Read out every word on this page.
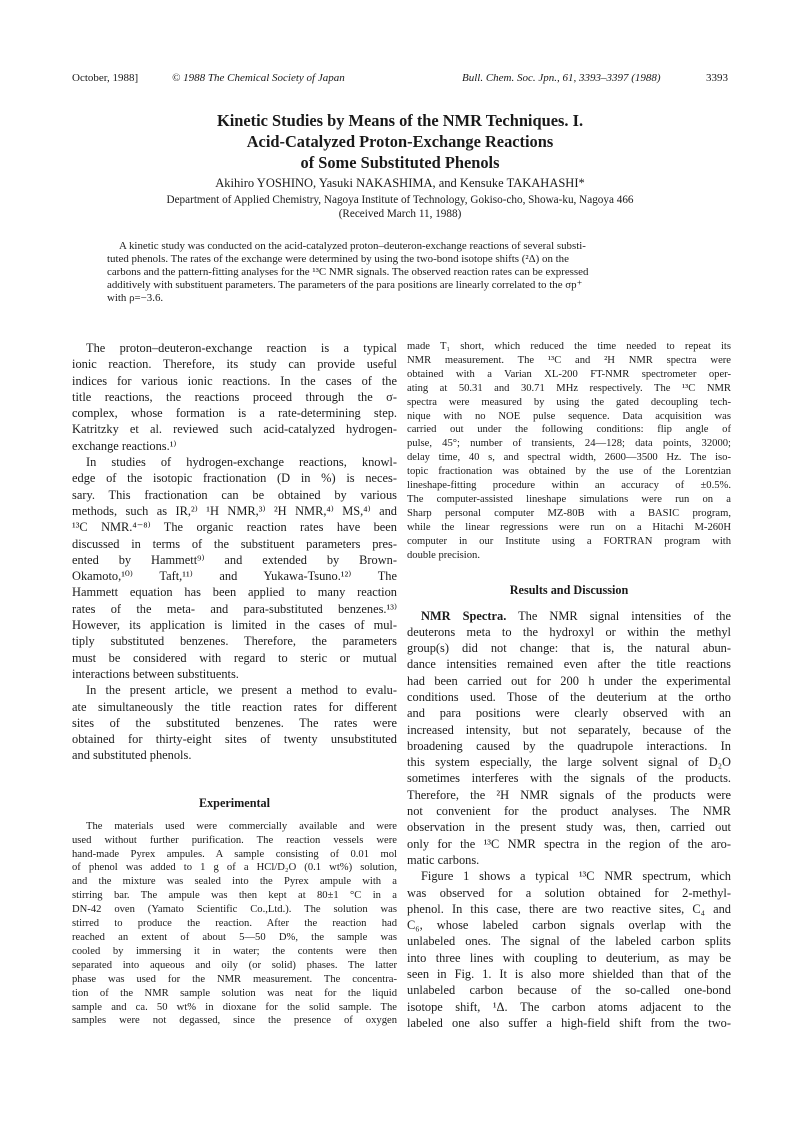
October, 1988]	© 1988 The Chemical Society of Japan	Bull. Chem. Soc. Jpn., 61, 3393–3397 (1988)	3393
Kinetic Studies by Means of the NMR Techniques. I.
Acid-Catalyzed Proton-Exchange Reactions
of Some Substituted Phenols
Akihiro YOSHINO, Yasuki NAKASHIMA, and Kensuke TAKAHASHI*
Department of Applied Chemistry, Nagoya Institute of Technology, Gokiso-cho, Showa-ku, Nagoya 466
(Received March 11, 1988)
A kinetic study was conducted on the acid-catalyzed proton–deuteron-exchange reactions of several substi-
tuted phenols. The rates of the exchange were determined by using the two-bond isotope shifts (²Δ) on the
carbons and the pattern-fitting analyses for the ¹³C NMR signals. The observed reaction rates can be expressed
additively with substituent parameters. The parameters of the para positions are linearly correlated to the σp⁺
with ρ=−3.6.
The proton–deuteron-exchange reaction is a typical
ionic reaction. Therefore, its study can provide useful
indices for various ionic reactions. In the cases of the
title reactions, the reactions proceed through the σ-
complex, whose formation is a rate-determining step.
Katritzky et al. reviewed such acid-catalyzed hydrogen-
exchange reactions.¹⁾
In studies of hydrogen-exchange reactions, knowl-
edge of the isotopic fractionation (D in %) is neces-
sary. This fractionation can be obtained by various
methods, such as IR,²⁾ ¹H NMR,³⁾ ²H NMR,⁴⁾ MS,⁴⁾ and
¹³C NMR.⁴⁻⁸⁾ The organic reaction rates have been
discussed in terms of the substituent parameters pres-
ented by Hammett⁹⁾ and extended by Brown-
Okamoto,¹⁰⁾ Taft,¹¹⁾ and Yukawa-Tsuno.¹²⁾ The
Hammett equation has been applied to many reaction
rates of the meta- and para-substituted benzenes.¹³⁾
However, its application is limited in the cases of mul-
tiply substituted benzenes. Therefore, the parameters
must be considered with regard to steric or mutual
interactions between substituents.
In the present article, we present a method to evalu-
ate simultaneously the title reaction rates for different
sites of the substituted benzenes. The rates were
obtained for thirty-eight sites of twenty unsubstituted
and substituted phenols.
Experimental
The materials used were commercially available and were
used without further purification. The reaction vessels were
hand-made Pyrex ampules. A sample consisting of 0.01 mol
of phenol was added to 1 g of a HCl/D₂O (0.1 wt%) solution,
and the mixture was sealed into the Pyrex ampule with a
stirring bar. The ampule was then kept at 80±1 °C in a
DN-42 oven (Yamato Scientific Co.,Ltd.). The solution was
stirred to produce the reaction. After the reaction had
reached an extent of about 5—50 D%, the sample was
cooled by immersing it in water; the contents were then
separated into aqueous and oily (or solid) phases. The latter
phase was used for the NMR measurement. The concentra-
tion of the NMR sample solution was neat for the liquid
sample and ca. 50 wt% in dioxane for the solid sample. The
samples were not degassed, since the presence of oxygen
made T₁ short, which reduced the time needed to repeat its
NMR measurement. The ¹³C and ²H NMR spectra were
obtained with a Varian XL-200 FT-NMR spectrometer oper-
ating at 50.31 and 30.71 MHz respectively. The ¹³C NMR
spectra were measured by using the gated decoupling tech-
nique with no NOE pulse sequence. Data acquisition was
carried out under the following conditions: flip angle of
pulse, 45°; number of transients, 24—128; data points, 32000;
delay time, 40 s, and spectral width, 2600—3500 Hz. The iso-
topic fractionation was obtained by the use of the Lorentzian
lineshape-fitting procedure within an accuracy of ±0.5%.
The computer-assisted lineshape simulations were run on a
Sharp personal computer MZ-80B with a BASIC program,
while the linear regressions were run on a Hitachi M-260H
computer in our Institute using a FORTRAN program with
double precision.
Results and Discussion
NMR Spectra. The NMR signal intensities of the
deuterons meta to the hydroxyl or within the methyl
group(s) did not change: that is, the natural abun-
dance intensities remained even after the title reactions
had been carried out for 200 h under the experimental
conditions used. Those of the deuterium at the ortho
and para positions were clearly observed with an
increased intensity, but not separately, because of the
broadening caused by the quadrupole interactions. In
this system especially, the large solvent signal of D₂O
sometimes interferes with the signals of the products.
Therefore, the ²H NMR signals of the products were
not convenient for the product analyses. The NMR
observation in the present study was, then, carried out
only for the ¹³C NMR spectra in the region of the aro-
matic carbons.
Figure 1 shows a typical ¹³C NMR spectrum, which
was observed for a solution obtained for 2-methyl-
phenol. In this case, there are two reactive sites, C₄ and
C₆, whose labeled carbon signals overlap with the
unlabeled ones. The signal of the labeled carbon splits
into three lines with coupling to deuterium, as may be
seen in Fig. 1. It is also more shielded than that of the
unlabeled carbon because of the so-called one-bond
isotope shift, ¹Δ. The carbon atoms adjacent to the
labeled one also suffer a high-field shift from the two-
